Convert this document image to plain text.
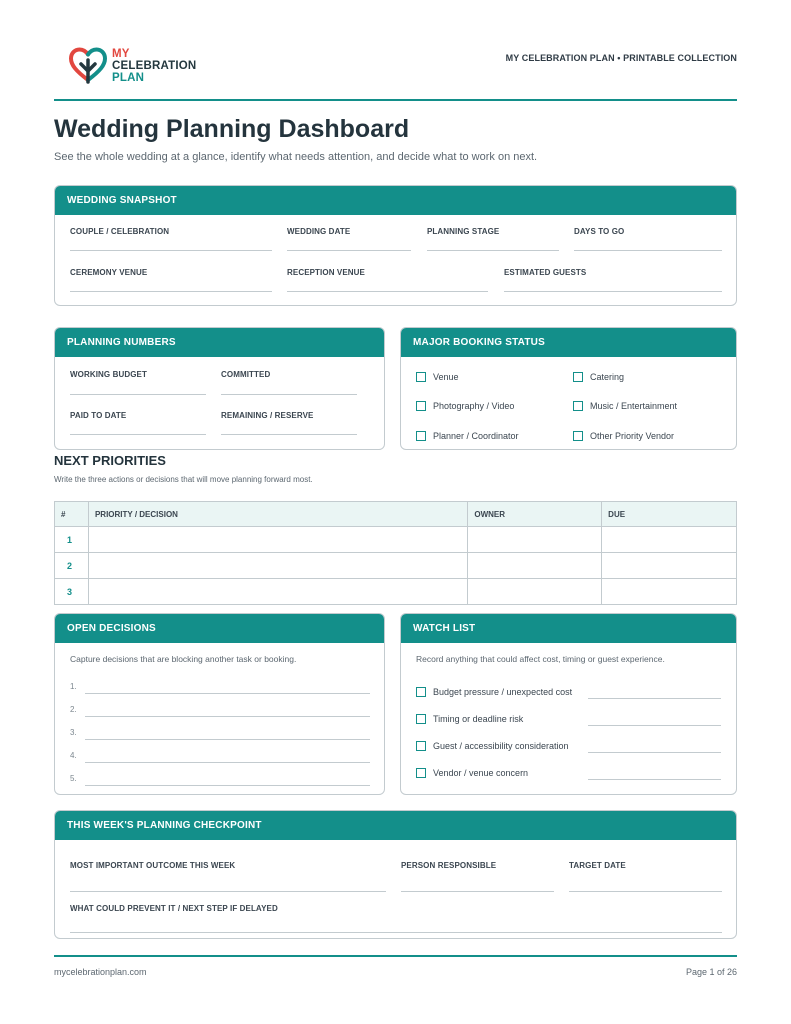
MY
CELEBRATION
PLAN
MY CELEBRATION PLAN • PRINTABLE COLLECTION
Wedding Planning Dashboard
See the whole wedding at a glance, identify what needs attention, and decide what to work on next.
WEDDING SNAPSHOT
COUPLE / CELEBRATION	WEDDING DATE	PLANNING STAGE	DAYS TO GO
CEREMONY VENUE	RECEPTION VENUE	ESTIMATED GUESTS
PLANNING NUMBERS
WORKING BUDGET	COMMITTED
PAID TO DATE	REMAINING / RESERVE
MAJOR BOOKING STATUS
Venue	Catering
Photography / Video	Music / Entertainment
Planner / Coordinator	Other Priority Vendor
NEXT PRIORITIES
Write the three actions or decisions that will move planning forward most.
#	PRIORITY / DECISION	OWNER	DUE
1			
2			
3			
OPEN DECISIONS
Capture decisions that are blocking another task or booking.
1.
2.
3.
4.
5.
WATCH LIST
Record anything that could affect cost, timing or guest experience.
Budget pressure / unexpected cost
Timing or deadline risk
Guest / accessibility consideration
Vendor / venue concern
THIS WEEK'S PLANNING CHECKPOINT
MOST IMPORTANT OUTCOME THIS WEEK	PERSON RESPONSIBLE	TARGET DATE
WHAT COULD PREVENT IT / NEXT STEP IF DELAYED
mycelebrationplan.com	Page 1 of 26
